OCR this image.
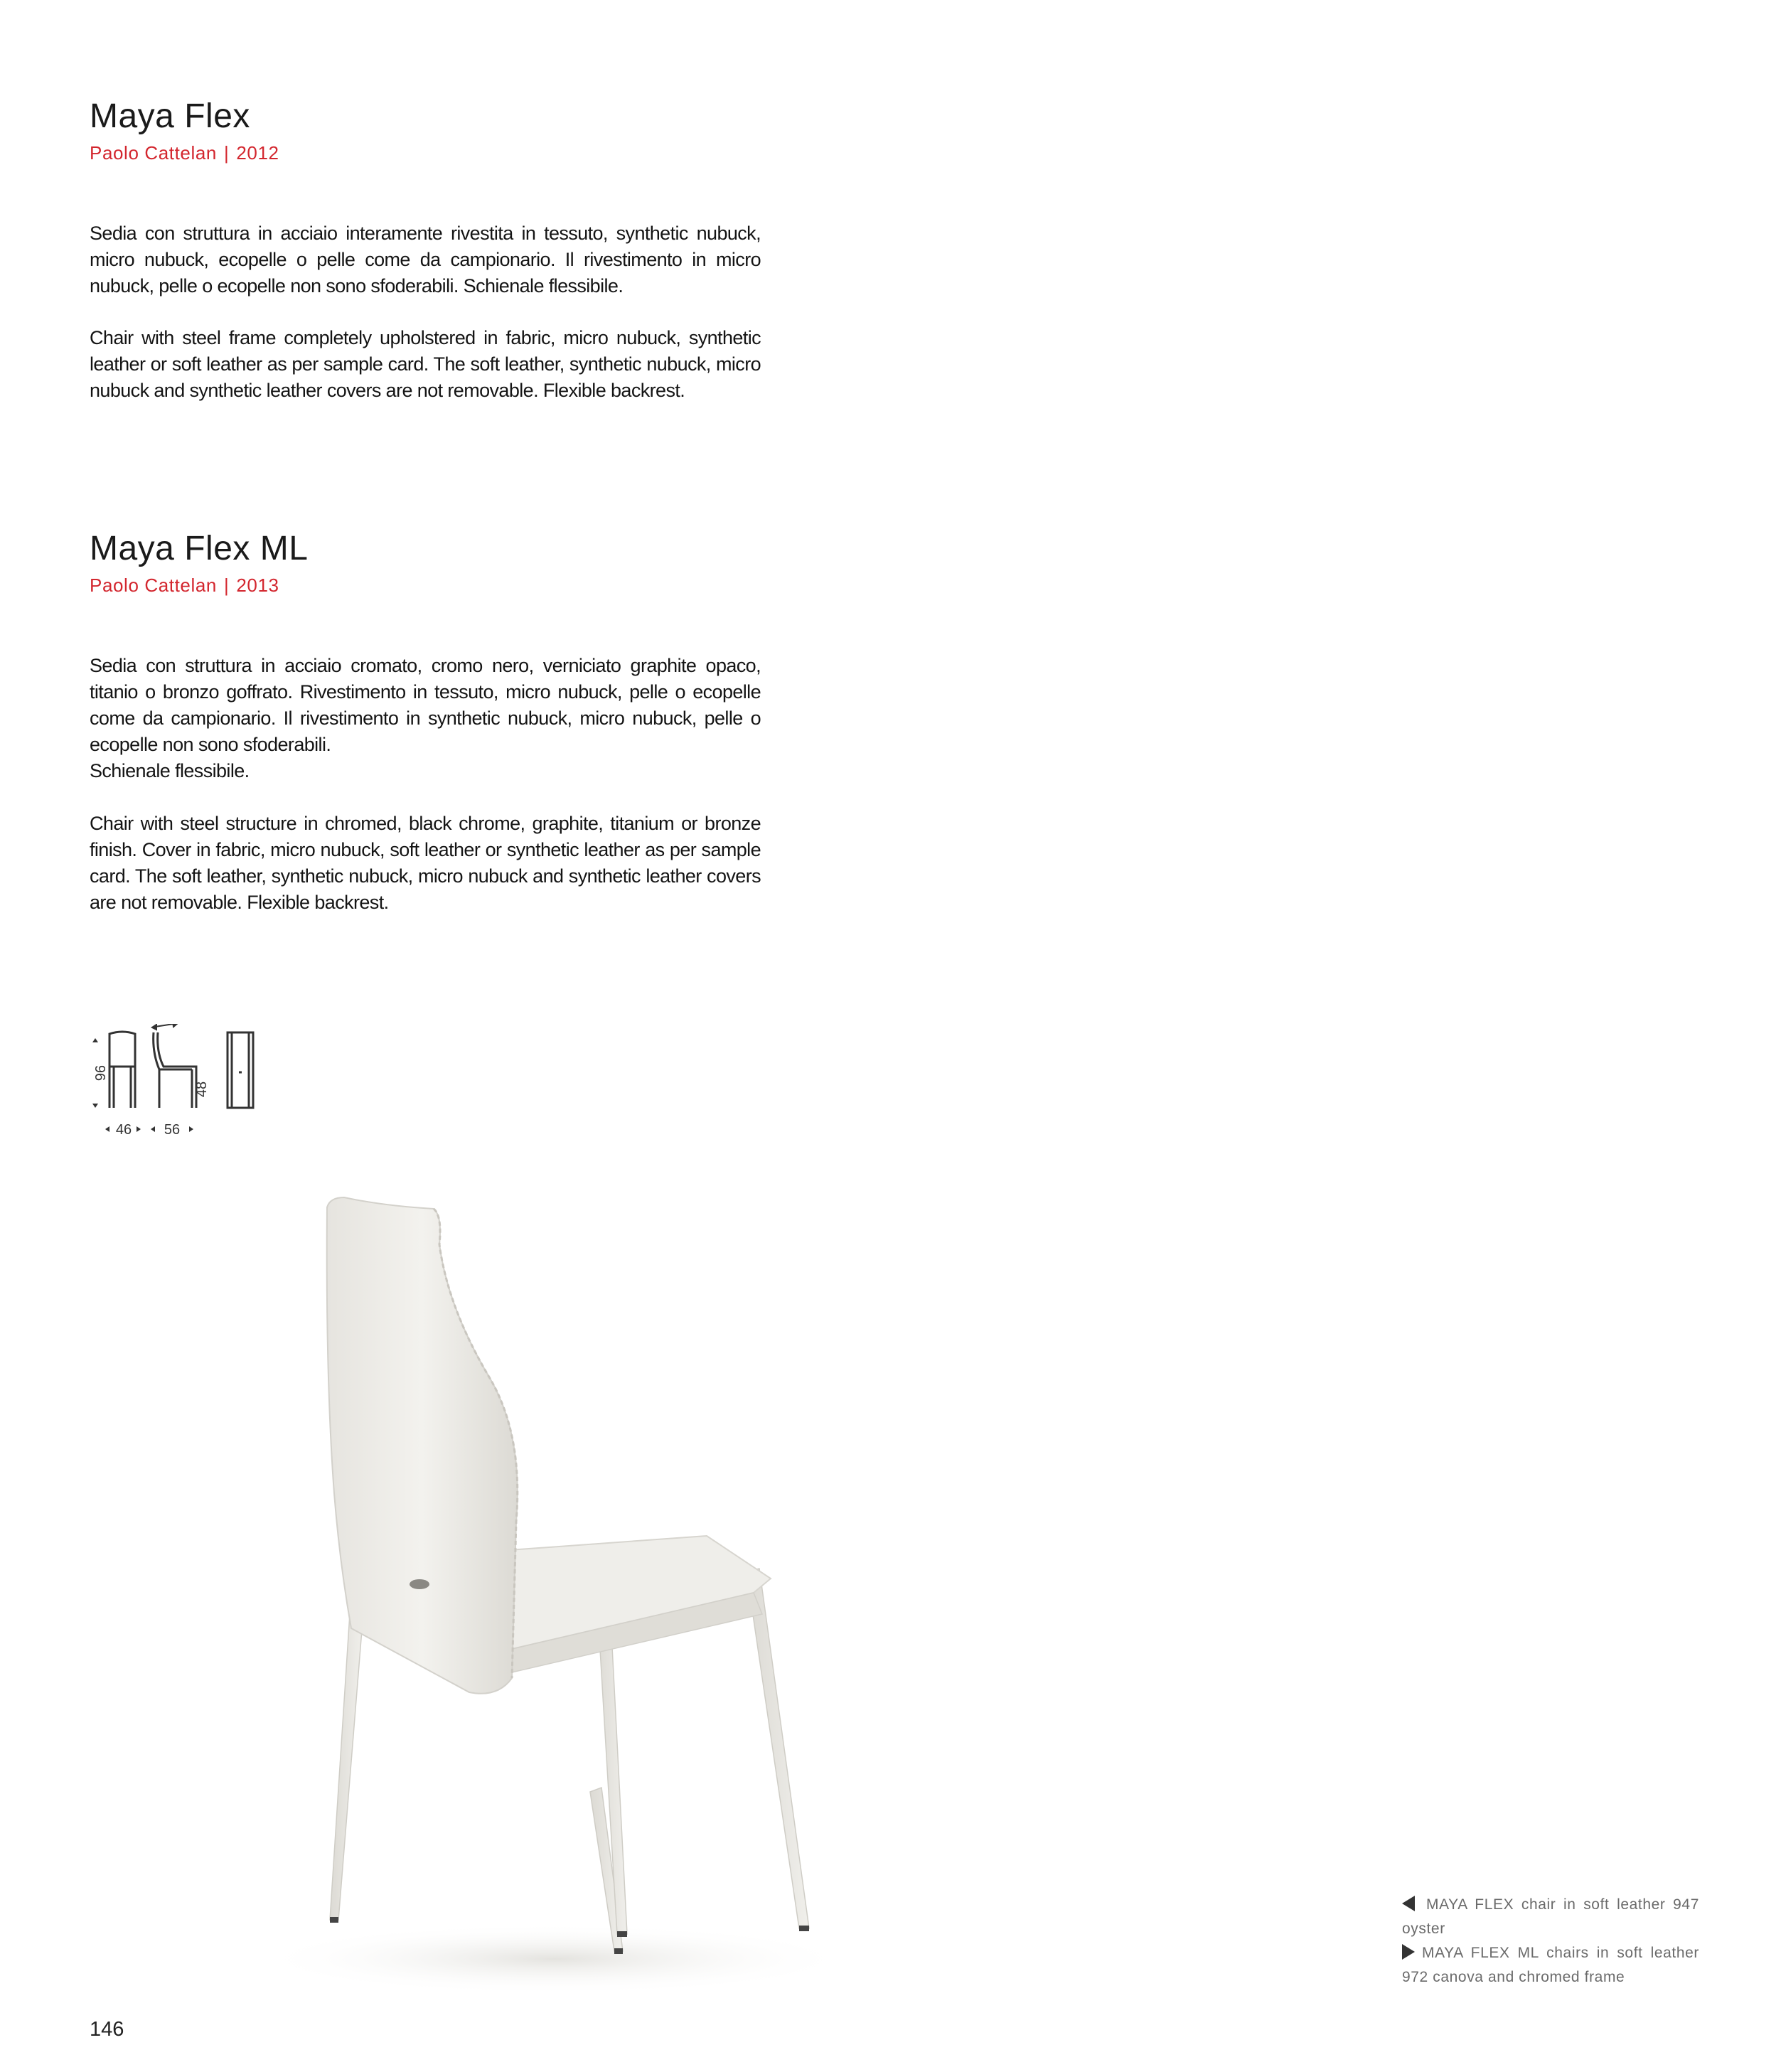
Maya Flex
Paolo Cattelan | 2012

Sedia con struttura in acciaio interamente rivestita in tessuto, synthetic nubuck, micro nubuck, ecopelle o pelle come da campionario. Il rivestimento in micro nubuck, pelle o ecopelle non sono sfoderabili. Schienale flessibile.

Chair with steel frame completely upholstered in fabric, micro nubuck, synthetic leather or soft leather as per sample card. The soft leather, synthetic nubuck, micro nubuck and synthetic leather covers are not removable. Flexible backrest.

Maya Flex ML
Paolo Cattelan | 2013

Sedia con struttura in acciaio cromato, cromo nero, verniciato graphite opaco, titanio o bronzo goffrato. Rivestimento in tessuto, micro nubuck, pelle o ecopelle come da campionario. Il rivestimento in synthetic nubuck, micro nubuck, pelle o ecopelle non sono sfoderabili.

Schienale flessibile.

Chair with steel structure in chromed, black chrome, graphite, titanium or bronze finish. Cover in fabric, micro nubuck, soft leather or synthetic leather as per sample card. The soft leather, synthetic nubuck, micro nubuck and synthetic leather covers are not removable. Flexible backrest.

96
48
46 56
MAYA FLEX chair in soft leather 947 oyster
MAYA FLEX ML chairs in soft leather 972 canova and chromed frame
146
